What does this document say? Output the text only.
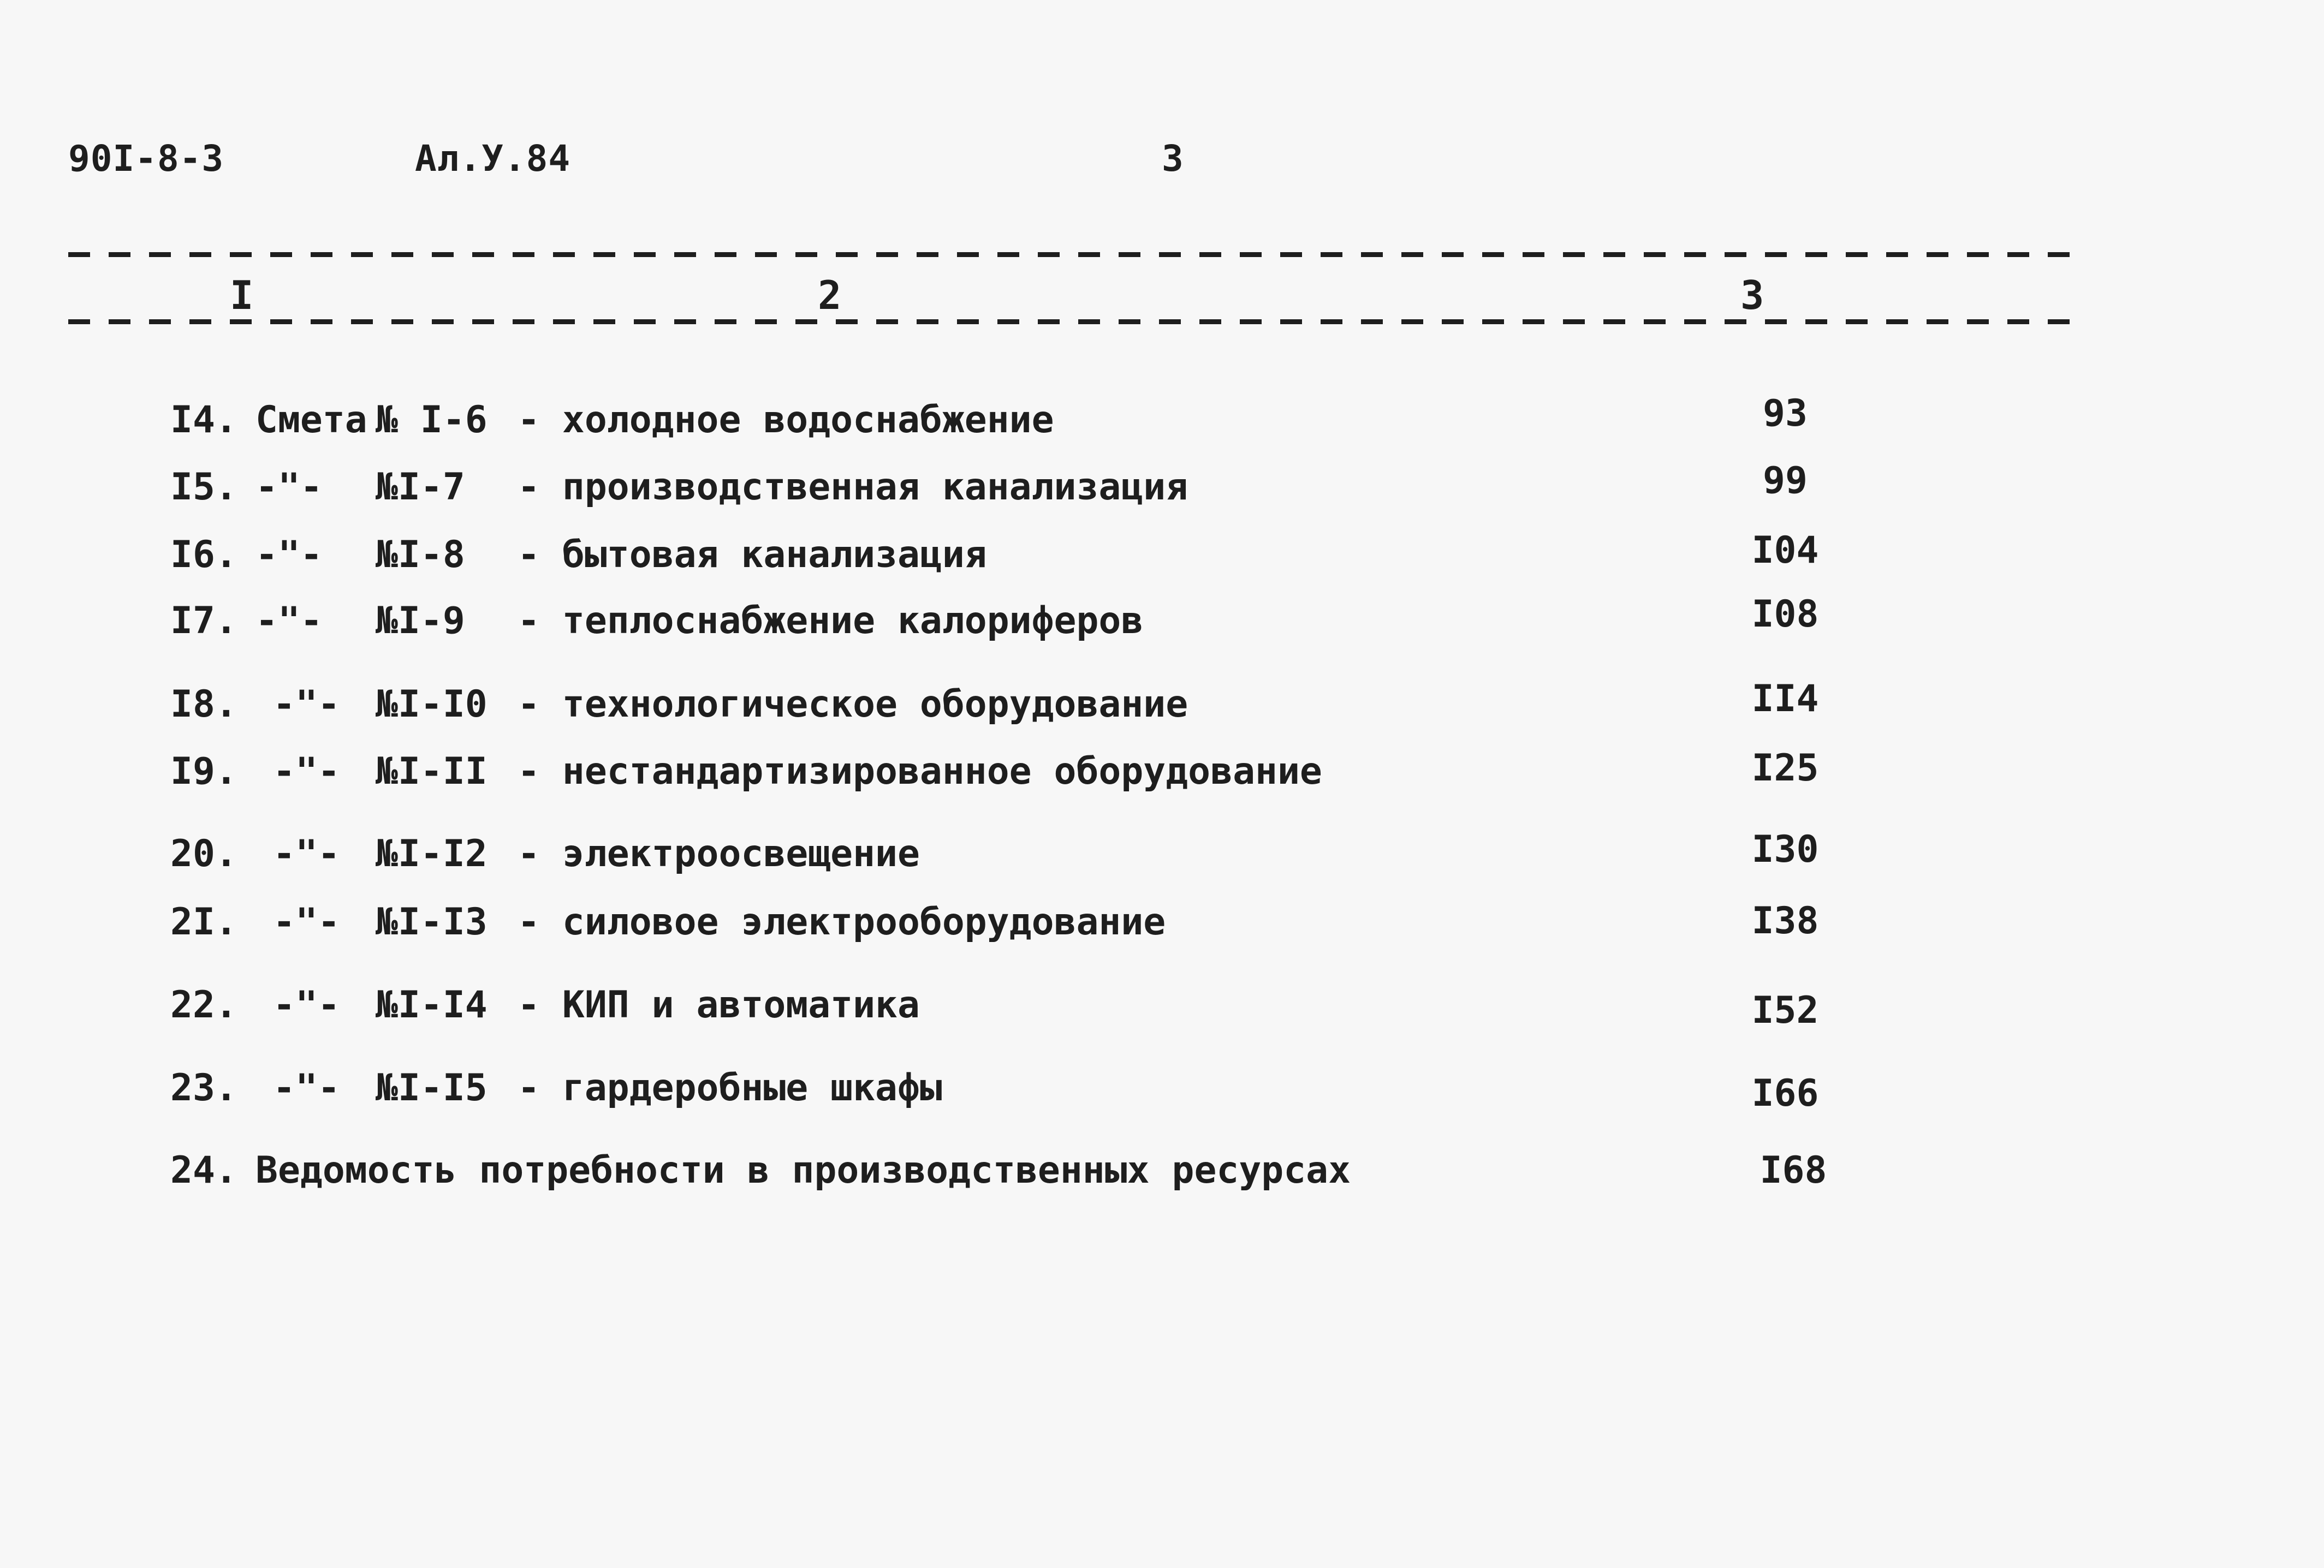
90I-8-3	Ал.У.84	3
I	2	3
I4. Смета № I-6 - холодное водоснабжение	93
I5. -"- №I-7 - производственная канализация	99
I6. -"- №I-8 - бытовая канализация	I04
I7. -"- №I-9 - теплоснабжение калориферов	I08
I8. -"- №I-I0 - технологическое оборудование	II4
I9. -"- №I-II - нестандартизированное оборудование	I25
20. -"- №I-I2 - электроосвещение	I30
2I. -"- №I-I3 - силовое электрооборудование	I38
22. -"- №I-I4 - КИП и автоматика	I52
23. -"- №I-I5 - гардеробные шкафы	I66
24. Ведомость потребности в производственных ресурсах	I68
